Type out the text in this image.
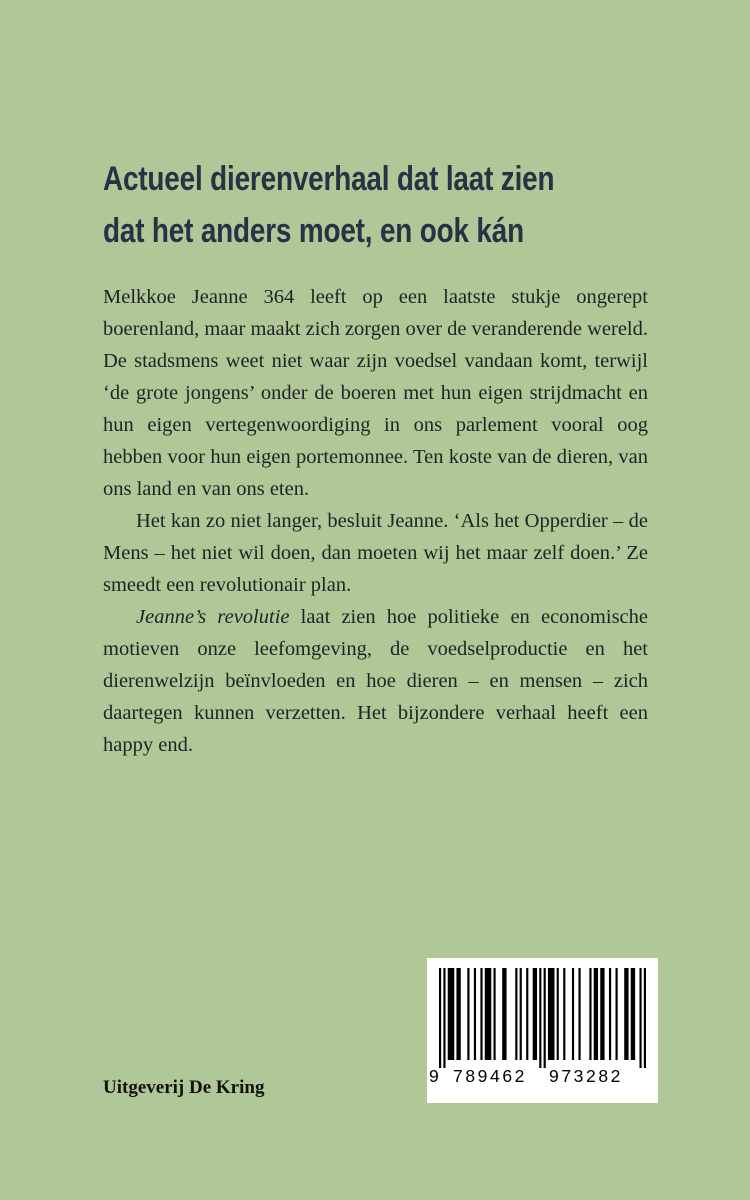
Actueel dierenverhaal dat laat zien
dat het anders moet, en ook kán

Melkkoe Jeanne 364 leeft op een laatste stukje ongerept boerenland, maar maakt zich zorgen over de veranderende wereld. De stadsmens weet niet waar zijn voedsel vandaan komt, terwijl ‘de grote jongens’ onder de boeren met hun eigen strijdmacht en hun eigen vertegenwoordiging in ons parlement vooral oog hebben voor hun eigen portemonnee. Ten koste van de dieren, van ons land en van ons eten.

Het kan zo niet langer, besluit Jeanne. ‘Als het Opperdier – de Mens – het niet wil doen, dan moeten wij het maar zelf doen.’ Ze smeedt een revolutionair plan.

Jeanne’s revolutie laat zien hoe politieke en economische motieven onze leefomgeving, de voedselproductie en het dierenwelzijn beïnvloeden en hoe dieren – en mensen – zich daartegen kunnen verzetten. Het bijzondere verhaal heeft een happy end.

Uitgeverij De Kring
9 789462 973282
